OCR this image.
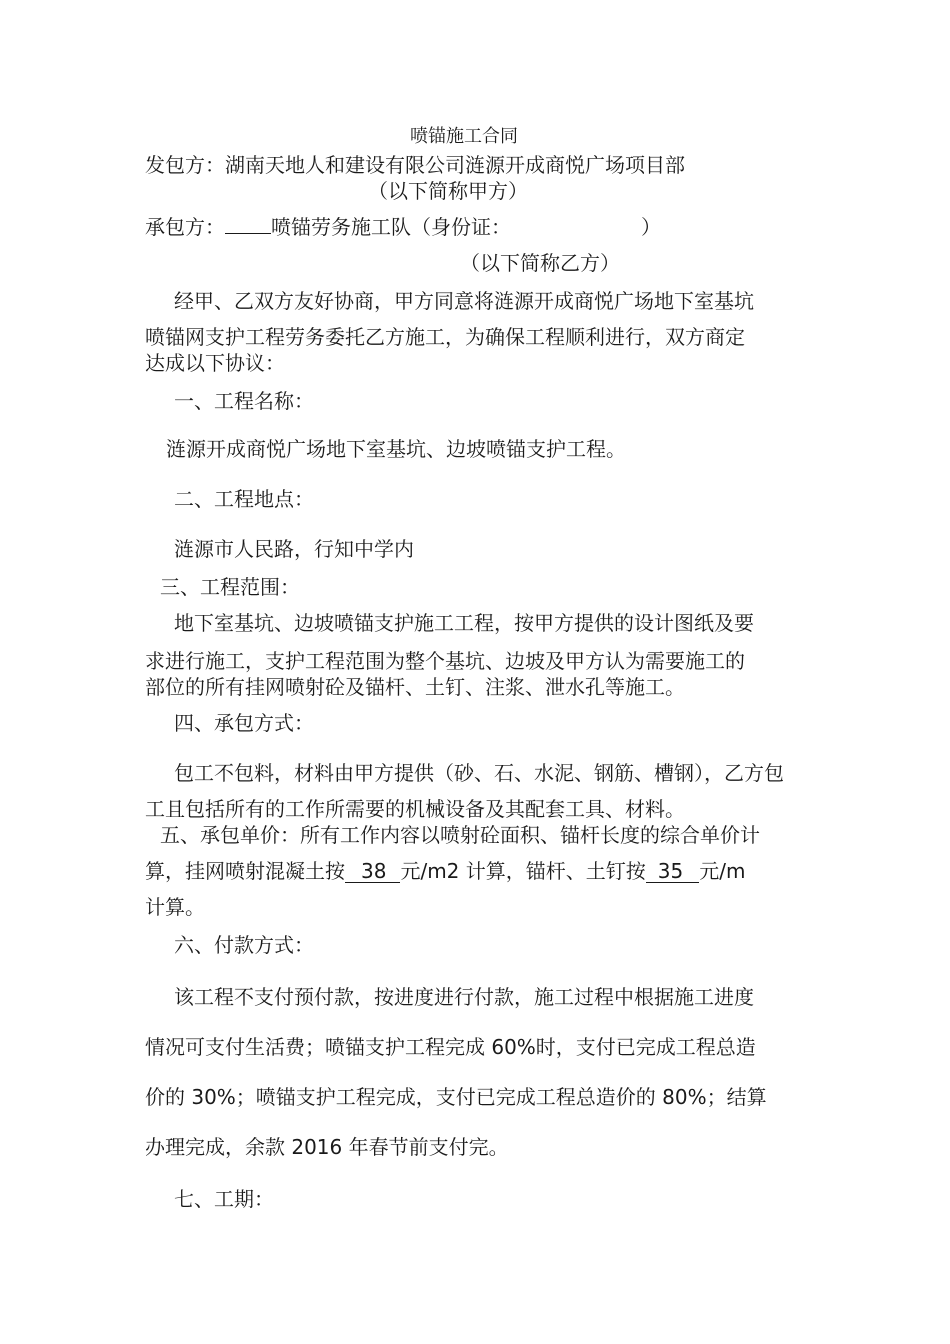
喷锚施工合同
发包方：湖南天地人和建设有限公司涟源开成商悦广场项目部
（以下简称甲方）
承包方： 喷锚劳务施工队（身份证：	）
（以下简称乙方）
经甲、乙双方友好协商，甲方同意将涟源开成商悦广场地下室基坑
喷锚网支护工程劳务委托乙方施工，为确保工程顺利进行，双方商定
达成以下协议：
一、工程名称：
涟源开成商悦广场地下室基坑、边坡喷锚支护工程。
二、工程地点：
涟源市人民路，行知中学内
三、工程范围：
地下室基坑、边坡喷锚支护施工工程，按甲方提供的设计图纸及要
求进行施工，支护工程范围为整个基坑、边坡及甲方认为需要施工的
部位的所有挂网喷射砼及锚杆、土钉、注浆、泄水孔等施工。
四、承包方式：
包工不包料，材料由甲方提供（砂、石、水泥、钢筋、槽钢），乙方包
工且包括所有的工作所需要的机械设备及其配套工具、材料。
五、承包单价：所有工作内容以喷射砼面积、锚杆长度的综合单价计
算，挂网喷射混凝土按 38 元/m2 计算，锚杆、土钉按 35 元/m
计算。
六、付款方式：
该工程不支付预付款，按进度进行付款，施工过程中根据施工进度
情况可支付生活费；喷锚支护工程完成 60%时，支付已完成工程总造
价的 30%；喷锚支护工程完成，支付已完成工程总造价的 80%；结算
办理完成，余款 2016 年春节前支付完。
七、工期：
